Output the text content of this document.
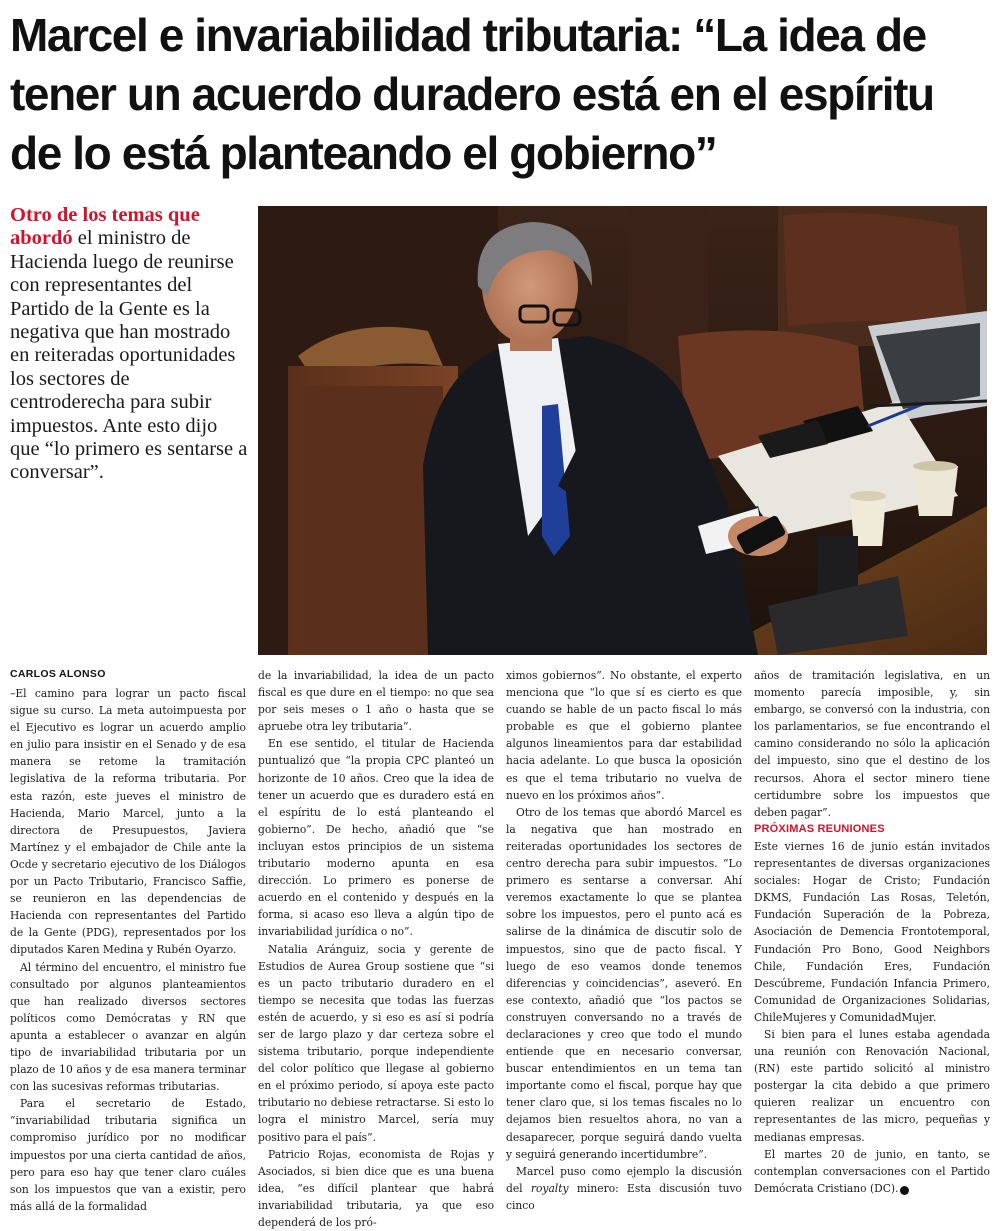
Marcel e invariabilidad tributaria: “La idea de tener un acuerdo duradero está en el espíritu de lo está planteando el gobierno”

Otro de los temas que abordó el ministro de Hacienda luego de reunirse con representantes del Partido de la Gente es la negativa que han mostrado en reiteradas oportunidades los sectores de centroderecha para subir impuestos. Ante esto dijo que “lo primero es sentarse a conversar”.

CARLOS ALONSO

–El camino para lograr un pacto fiscal sigue su curso. La meta autoimpuesta por el Ejecutivo es lograr un acuerdo amplio en julio para insistir en el Senado y de esa manera se retome la tramitación legislativa de la reforma tributaria. Por esta razón, este jueves el ministro de Hacienda, Mario Marcel, junto a la directora de Presupuestos, Javiera Martínez y el embajador de Chile ante la Ocde y secretario ejecutivo de los Diálogos por un Pacto Tributario, Francisco Saffie, se reunieron en las dependencias de Hacienda con representantes del Partido de la Gente (PDG), representados por los diputados Karen Medina y Rubén Oyarzo.

Al término del encuentro, el ministro fue consultado por algunos planteamientos que han realizado diversos sectores políticos como Demócratas y RN que apunta a establecer o avanzar en algún tipo de invariabilidad tributaria por un plazo de 10 años y de esa manera terminar con las sucesivas reformas tributarias.

Para el secretario de Estado, “invariabilidad tributaria significa un compromiso jurídico por no modificar impuestos por una cierta cantidad de años, pero para eso hay que tener claro cuáles son los impuestos que van a existir, pero más allá de la formalidad

de la invariabilidad, la idea de un pacto fiscal es que dure en el tiempo: no que sea por seis meses o 1 año o hasta que se apruebe otra ley tributaria”.

En ese sentido, el titular de Hacienda puntualizó que “la propia CPC planteó un horizonte de 10 años. Creo que la idea de tener un acuerdo que es duradero está en el espíritu de lo está planteando el gobierno”. De hecho, añadió que “se incluyan estos principios de un sistema tributario moderno apunta en esa dirección. Lo primero es ponerse de acuerdo en el contenido y después en la forma, si acaso eso lleva a algún tipo de invariabilidad jurídica o no”.

Natalia Aránguiz, socia y gerente de Estudios de Aurea Group sostiene que “si es un pacto tributario duradero en el tiempo se necesita que todas las fuerzas estén de acuerdo, y si eso es así si podría ser de largo plazo y dar certeza sobre el sistema tributario, porque independiente del color político que llegase al gobierno en el próximo periodo, sí apoya este pacto tributario no debiese retractarse. Si esto lo logra el ministro Marcel, sería muy positivo para el país”.

Patricio Rojas, economista de Rojas y Asociados, si bien dice que es una buena idea, “es difícil plantear que habrá invariabilidad tributaria, ya que eso dependerá de los pró-

ximos gobiernos”. No obstante, el experto menciona que “lo que sí es cierto es que cuando se hable de un pacto fiscal lo más probable es que el gobierno plantee algunos lineamientos para dar estabilidad hacia adelante. Lo que busca la oposición es que el tema tributario no vuelva de nuevo en los próximos años”.

Otro de los temas que abordó Marcel es la negativa que han mostrado en reiteradas oportunidades los sectores de centro derecha para subir impuestos. “Lo primero es sentarse a conversar. Ahí veremos exactamente lo que se plantea sobre los impuestos, pero el punto acá es salirse de la dinámica de discutir solo de impuestos, sino que de pacto fiscal. Y luego de eso veamos donde tenemos diferencias y coincidencias”, aseveró. En ese contexto, añadió que “los pactos se construyen conversando no a través de declaraciones y creo que todo el mundo entiende que en necesario conversar, buscar entendimientos en un tema tan importante como el fiscal, porque hay que tener claro que, si los temas fiscales no lo dejamos bien resueltos ahora, no van a desaparecer, porque seguirá dando vuelta y seguirá generando incertidumbre”.

Marcel puso como ejemplo la discusión del royalty minero: Esta discusión tuvo cinco

años de tramitación legislativa, en un momento parecía imposible, y, sin embargo, se conversó con la industria, con los parlamentarios, se fue encontrando el camino considerando no sólo la aplicación del impuesto, sino que el destino de los recursos. Ahora el sector minero tiene certidumbre sobre los impuestos que deben pagar”.

PRÓXIMAS REUNIONES

Este viernes 16 de junio están invitados representantes de diversas organizaciones sociales: Hogar de Cristo; Fundación DKMS, Fundación Las Rosas, Teletón, Fundación Superación de la Pobreza, Asociación de Demencia Frontotemporal, Fundación Pro Bono, Good Neighbors Chile, Fundación Eres, Fundación Descúbreme, Fundación Infancia Primero, Comunidad de Organizaciones Solidarias, ChileMujeres y ComunidadMujer.

Si bien para el lunes estaba agendada una reunión con Renovación Nacional, (RN) este partido solicitó al ministro postergar la cita debido a que primero quieren realizar un encuentro con representantes de las micro, pequeñas y medianas empresas.

El martes 20 de junio, en tanto, se contemplan conversaciones con el Partido Demócrata Cristiano (DC). P
